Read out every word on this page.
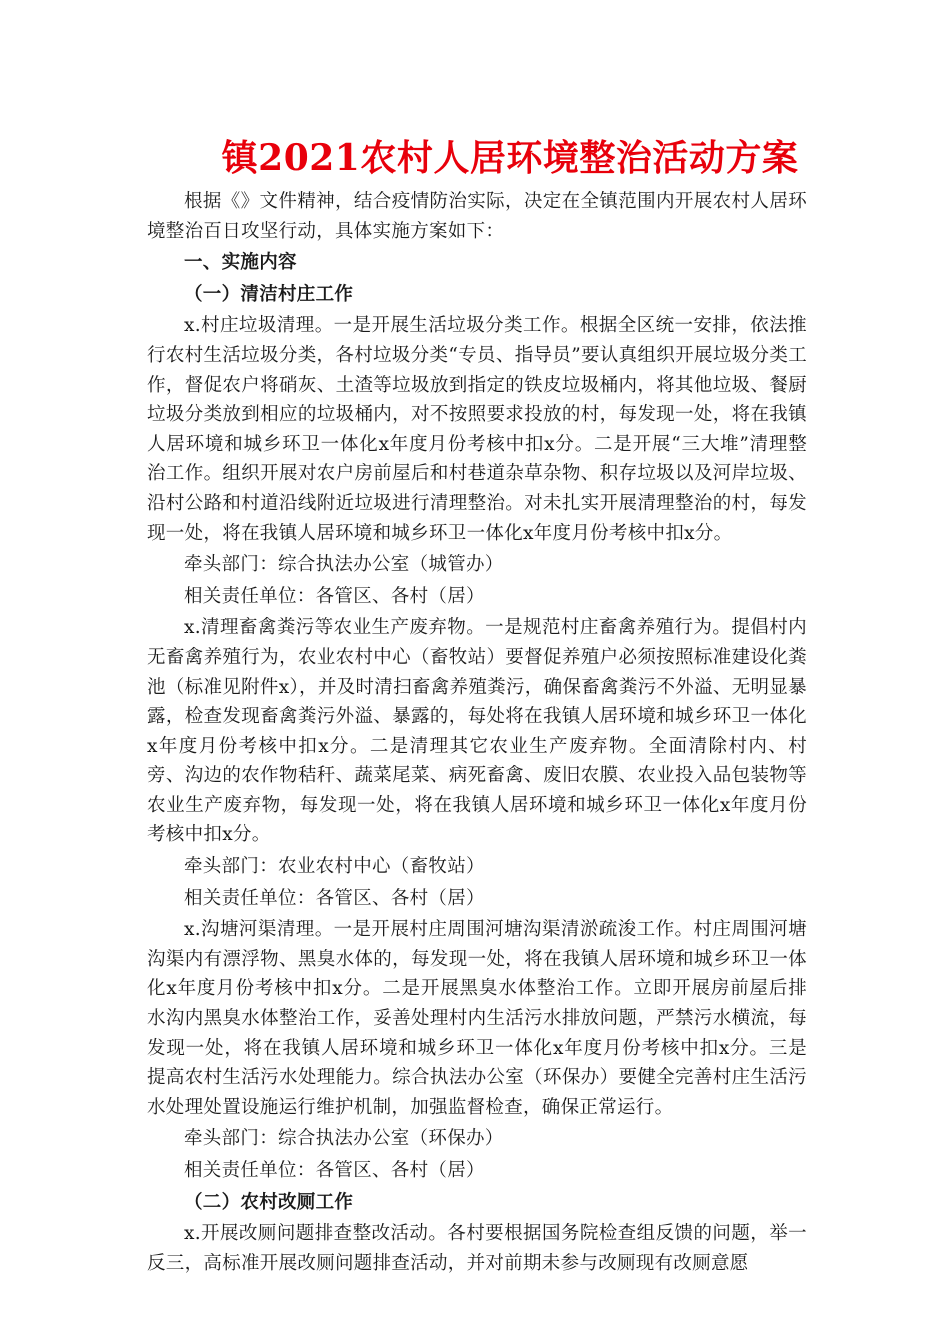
镇2021农村人居环境整治活动方案

根据《》文件精神，结合疫情防治实际，决定在全镇范围内开展农村人居环境整治百日攻坚行动，具体实施方案如下：

一、实施内容

（一）清洁村庄工作

x.村庄垃圾清理。一是开展生活垃圾分类工作。根据全区统一安排，依法推行农村生活垃圾分类，各村垃圾分类“专员、指导员”要认真组织开展垃圾分类工作，督促农户将硝灰、土渣等垃圾放到指定的铁皮垃圾桶内，将其他垃圾、餐厨垃圾分类放到相应的垃圾桶内，对不按照要求投放的村，每发现一处，将在我镇人居环境和城乡环卫一体化x年度月份考核中扣x分。二是开展“三大堆”清理整治工作。组织开展对农户房前屋后和村巷道杂草杂物、积存垃圾以及河岸垃圾、沿村公路和村道沿线附近垃圾进行清理整治。对未扎实开展清理整治的村，每发现一处，将在我镇人居环境和城乡环卫一体化x年度月份考核中扣x分。

牵头部门：综合执法办公室（城管办）

相关责任单位：各管区、各村（居）

x.清理畜禽粪污等农业生产废弃物。一是规范村庄畜禽养殖行为。提倡村内无畜禽养殖行为，农业农村中心（畜牧站）要督促养殖户必须按照标准建设化粪池（标准见附件x），并及时清扫畜禽养殖粪污，确保畜禽粪污不外溢、无明显暴露，检查发现畜禽粪污外溢、暴露的，每处将在我镇人居环境和城乡环卫一体化x年度月份考核中扣x分。二是清理其它农业生产废弃物。全面清除村内、村旁、沟边的农作物秸秆、蔬菜尾菜、病死畜禽、废旧农膜、农业投入品包装物等农业生产废弃物，每发现一处，将在我镇人居环境和城乡环卫一体化x年度月份考核中扣x分。

牵头部门：农业农村中心（畜牧站）

相关责任单位：各管区、各村（居）

x.沟塘河渠清理。一是开展村庄周围河塘沟渠清淤疏浚工作。村庄周围河塘沟渠内有漂浮物、黑臭水体的，每发现一处，将在我镇人居环境和城乡环卫一体化x年度月份考核中扣x分。二是开展黑臭水体整治工作。立即开展房前屋后排水沟内黑臭水体整治工作，妥善处理村内生活污水排放问题，严禁污水横流，每发现一处，将在我镇人居环境和城乡环卫一体化x年度月份考核中扣x分。三是提高农村生活污水处理能力。综合执法办公室（环保办）要健全完善村庄生活污水处理处置设施运行维护机制，加强监督检查，确保正常运行。

牵头部门：综合执法办公室（环保办）

相关责任单位：各管区、各村（居）

（二）农村改厕工作

x.开展改厕问题排查整改活动。各村要根据国务院检查组反馈的问题，举一反三，高标准开展改厕问题排查活动，并对前期未参与改厕现有改厕意愿
